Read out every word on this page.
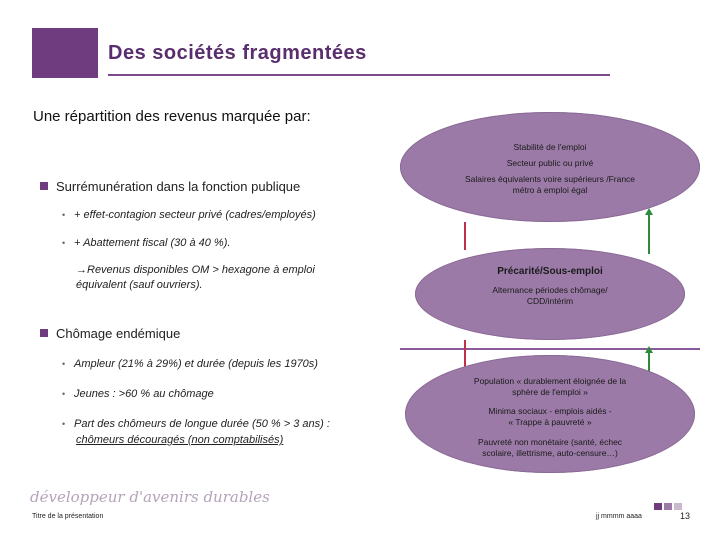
Des sociétés fragmentées
Une répartition des revenus marquée par:
Surrémunération dans la fonction publique
• + effet-contagion secteur privé (cadres/employés)
• + Abattement fiscal (30 à 40 %).
→Revenus disponibles OM > hexagone à emploi
équivalent (sauf ouvriers).
Chômage endémique
• Ampleur (21% à 29%) et durée (depuis les 1970s)
• Jeunes : >60 % au chômage
• Part des chômeurs de longue durée (50 % > 3 ans) :
chômeurs découragés (non comptabilisés)
Stabilité de l'emploi
Secteur public ou privé
Salaires équivalents voire supérieurs /France
métro à emploi égal
Précarité/Sous-emploi
Alternance périodes chômage/
CDD/intérim
Population « durablement éloignée de la
sphère de l'emploi »
Minima sociaux - emplois aidés -
« Trappe à pauvreté »
Pauvreté non monétaire (santé, échec
scolaire, illettrisme, auto-censure…)
développeur d'avenirs durables
Titre de la présentation	jj mmmm aaaa	13
